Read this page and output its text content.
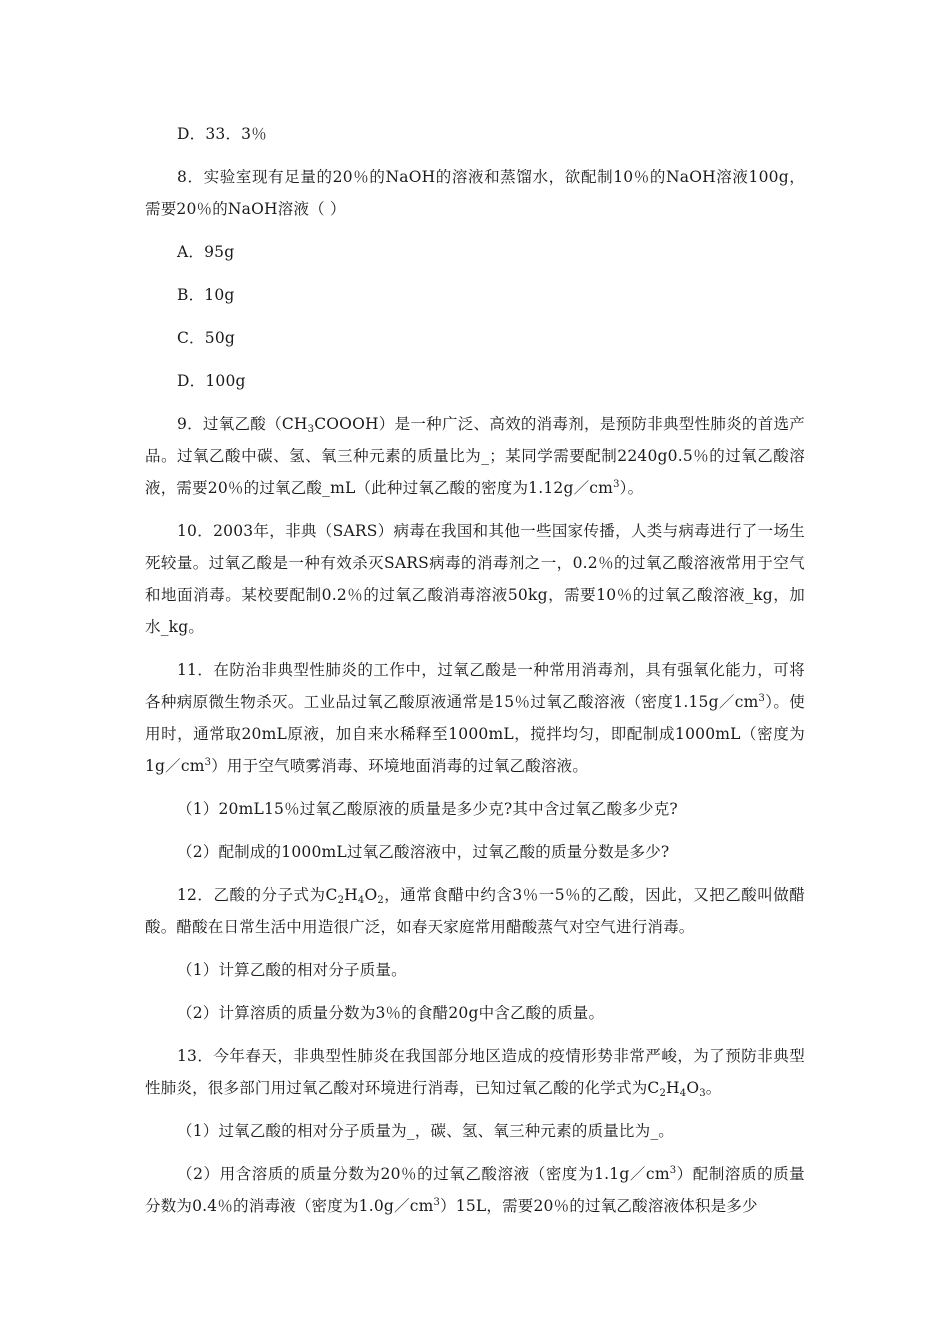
D．33．3％

8．实验室现有足量的20％的NaOH的溶液和蒸馏水，欲配制10％的NaOH溶液100g，需要20％的NaOH溶液（ ）

A．95g

B．10g

C．50g

D．100g

9．过氧乙酸$(CH_3COOOH)$是一种广泛、高效的消毒剂，是预防非典型性肺炎的首选产品。过氧乙酸中碳、氢、氧三种元素的质量比为_；某同学需要配制2240g0.5％的过氧乙酸溶液，需要20％的过氧乙酸_mL（此种过氧乙酸的密度为$1.12g/cm^3$）。

10．2003年，非典（SARS）病毒在我国和其他一些国家传播，人类与病毒进行了一场生死较量。过氧乙酸是一种有效杀灭SARS病毒的消毒剂之一，0.2％的过氧乙酸溶液常用于空气和地面消毒。某校要配制0.2％的过氧乙酸消毒溶液50kg，需要10％的过氧乙酸溶液_kg，加水_kg。

11．在防治非典型性肺炎的工作中，过氧乙酸是一种常用消毒剂，具有强氧化能力，可将各种病原微生物杀灭。工业品过氧乙酸原液通常是15％过氧乙酸溶液（密度$1.15g/cm^3$）。使用时，通常取20mL原液，加自来水稀释至1000mL，搅拌均匀，即配制成1000mL（密度为$1g/cm^3$）用于空气喷雾消毒、环境地面消毒的过氧乙酸溶液。

（1）20mL15％过氧乙酸原液的质量是多少克?其中含过氧乙酸多少克?

（2）配制成的1000mL过氧乙酸溶液中，过氧乙酸的质量分数是多少?

12．乙酸的分子式为$C_2H_4O_2$，通常食醋中约含3％一5％的乙酸，因此，又把乙酸叫做醋酸。醋酸在日常生活中用造很广泛，如春天家庭常用醋酸蒸气对空气进行消毒。

（1）计算乙酸的相对分子质量。

（2）计算溶质的质量分数为3％的食醋20g中含乙酸的质量。

13．今年春天，非典型性肺炎在我国部分地区造成的疫情形势非常严峻，为了预防非典型性肺炎，很多部门用过氧乙酸对环境进行消毒，已知过氧乙酸的化学式为$C_2H_4O_3$。

（1）过氧乙酸的相对分子质量为_，碳、氢、氧三种元素的质量比为_。

（2）用含溶质的质量分数为20％的过氧乙酸溶液（密度为$1.1g/cm^3$）配制溶质的质量分数为0.4％的消毒液（密度为$1.0g/cm^3)15L$，需要20％的过氧乙酸溶液体积是多少
